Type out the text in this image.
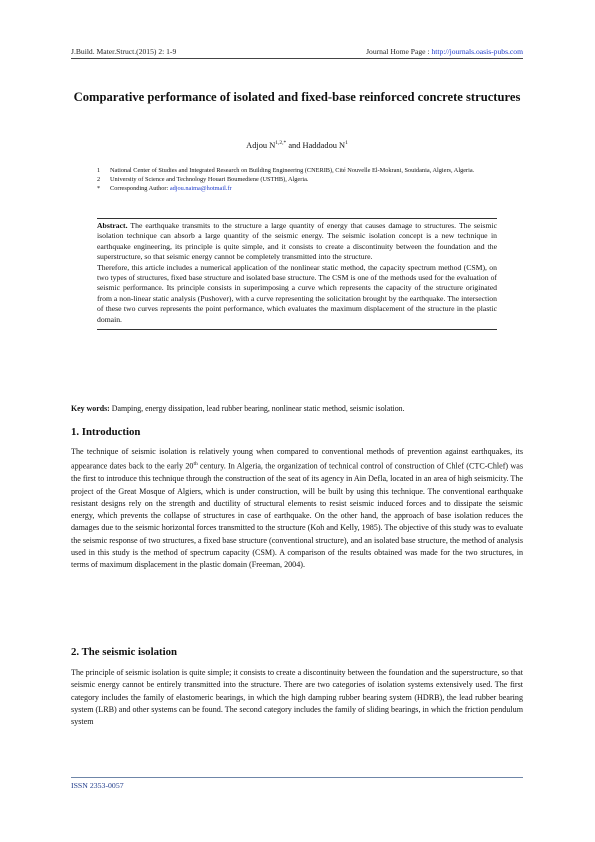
J.Build. Mater.Struct.(2015) 2: 1-9	Journal Home Page : http://journals.oasis-pubs.com
Comparative performance of isolated and fixed-base reinforced concrete structures
Adjou $N^{1,2,*}$ and Haddadou $N^1$
1 National Center of Studies and Integrated Research on Building Engineering (CNERIB), Cité Nouvelle El-Mokrani, Souidania, Algiers, Algeria.
2 University of Science and Technology Houari Boumediene (USTHB), Algeria.
* Corresponding Author: adjou.naima@hotmail.fr

Abstract. The earthquake transmits to the structure a large quantity of energy that causes damage to structures. The seismic isolation technique can absorb a large quantity of the seismic energy. The seismic isolation concept is a new technique in earthquake engineering, its principle is quite simple, and it consists to create a discontinuity between the foundation and the superstructure, so that seismic energy cannot be completely transmitted into the structure.

Therefore, this article includes a numerical application of the nonlinear static method, the capacity spectrum method (CSM), on two types of structures, fixed base structure and isolated base structure. The CSM is one of the methods used for the evaluation of seismic performance. Its principle consists in superimposing a curve which represents the capacity of the structure originated from a non-linear static analysis (Pushover), with a curve representing the solicitation brought by the earthquake. The intersection of these two curves represents the point performance, which evaluates the maximum displacement of the structure in the plastic domain.

Key words: Damping, energy dissipation, lead rubber bearing, nonlinear static method, seismic isolation.
1. Introduction

The technique of seismic isolation is relatively young when compared to conventional methods of prevention against earthquakes, its appearance dates back to the early 20th century. In Algeria, the organization of technical control of construction of Chlef (CTC-Chlef) was the first to introduce this technique through the construction of the seat of its agency in Ain Defla, located in an area of high seismicity. The project of the Great Mosque of Algiers, which is under construction, will be built by using this technique. The conventional earthquake resistant designs rely on the strength and ductility of structural elements to resist seismic induced forces and to dissipate the seismic energy, which prevents the collapse of structures in case of earthquake. On the other hand, the approach of base isolation reduces the damages due to the seismic horizontal forces transmitted to the structure (Koh and Kelly, 1985). The objective of this study was to evaluate the seismic response of two structures, a fixed base structure (conventional structure), and an isolated base structure, the method of analysis used in this study is the method of spectrum capacity (CSM). A comparison of the results obtained was made for the two structures, in terms of maximum displacement in the plastic domain (Freeman, 2004).

2. The seismic isolation

The principle of seismic isolation is quite simple; it consists to create a discontinuity between the foundation and the superstructure, so that seismic energy cannot be entirely transmitted into the structure. There are two categories of isolation systems extensively used. The first category includes the family of elastomeric bearings, in which the high damping rubber bearing system (HDRB), the lead rubber bearing system (LRB) and other systems can be found. The second category includes the family of sliding bearings, in which the friction pendulum system

ISSN 2353-0057
